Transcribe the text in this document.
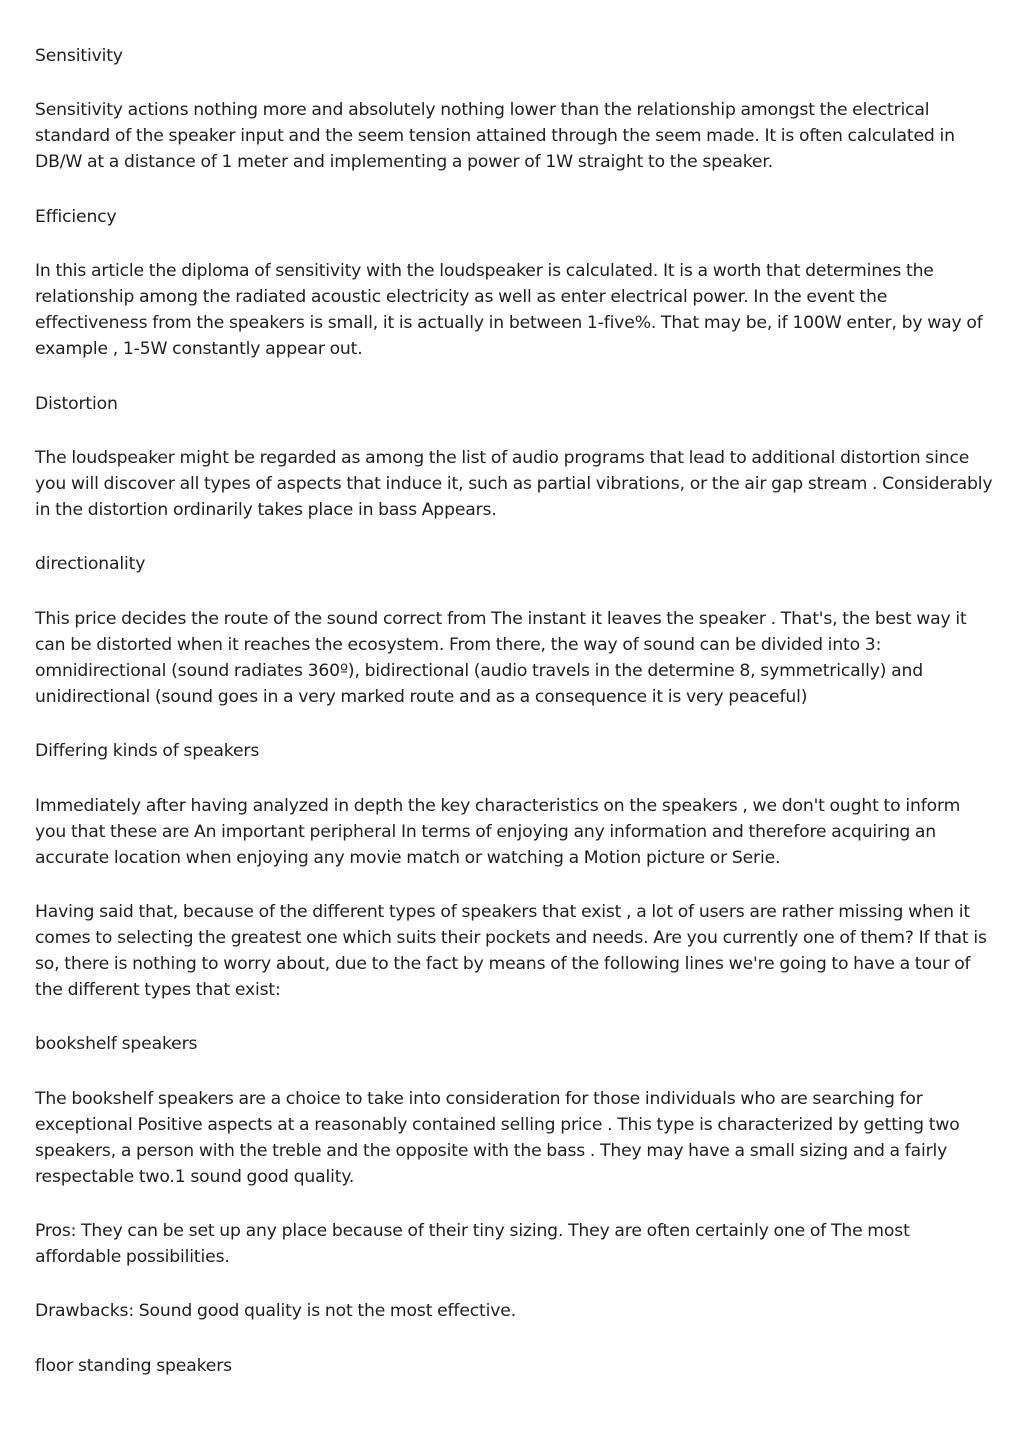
Sensitivity

Sensitivity actions nothing more and absolutely nothing lower than the relationship amongst the electrical standard of the speaker input and the seem tension attained through the seem made. It is often calculated in DB/W at a distance of 1 meter and implementing a power of 1W straight to the speaker.

Efficiency

In this article the diploma of sensitivity with the loudspeaker is calculated. It is a worth that determines the relationship among the radiated acoustic electricity as well as enter electrical power. In the event the effectiveness from the speakers is small, it is actually in between 1-five%. That may be, if 100W enter, by way of example , 1-5W constantly appear out.

Distortion

The loudspeaker might be regarded as among the list of audio programs that lead to additional distortion since you will discover all types of aspects that induce it, such as partial vibrations, or the air gap stream . Considerably in the distortion ordinarily takes place in bass Appears.

directionality

This price decides the route of the sound correct from The instant it leaves the speaker . That's, the best way it can be distorted when it reaches the ecosystem. From there, the way of sound can be divided into 3: omnidirectional (sound radiates 360º), bidirectional (audio travels in the determine 8, symmetrically) and unidirectional (sound goes in a very marked route and as a consequence it is very peaceful)

Differing kinds of speakers

Immediately after having analyzed in depth the key characteristics on the speakers , we don't ought to inform you that these are An important peripheral In terms of enjoying any information and therefore acquiring an accurate location when enjoying any movie match or watching a Motion picture or Serie.

Having said that, because of the different types of speakers that exist , a lot of users are rather missing when it comes to selecting the greatest one which suits their pockets and needs. Are you currently one of them? If that is so, there is nothing to worry about, due to the fact by means of the following lines we're going to have a tour of the different types that exist:

bookshelf speakers

The bookshelf speakers are a choice to take into consideration for those individuals who are searching for exceptional Positive aspects at a reasonably contained selling price . This type is characterized by getting two speakers, a person with the treble and the opposite with the bass . They may have a small sizing and a fairly respectable two.1 sound good quality.

Pros: They can be set up any place because of their tiny sizing. They are often certainly one of The most affordable possibilities.

Drawbacks: Sound good quality is not the most effective.

floor standing speakers
